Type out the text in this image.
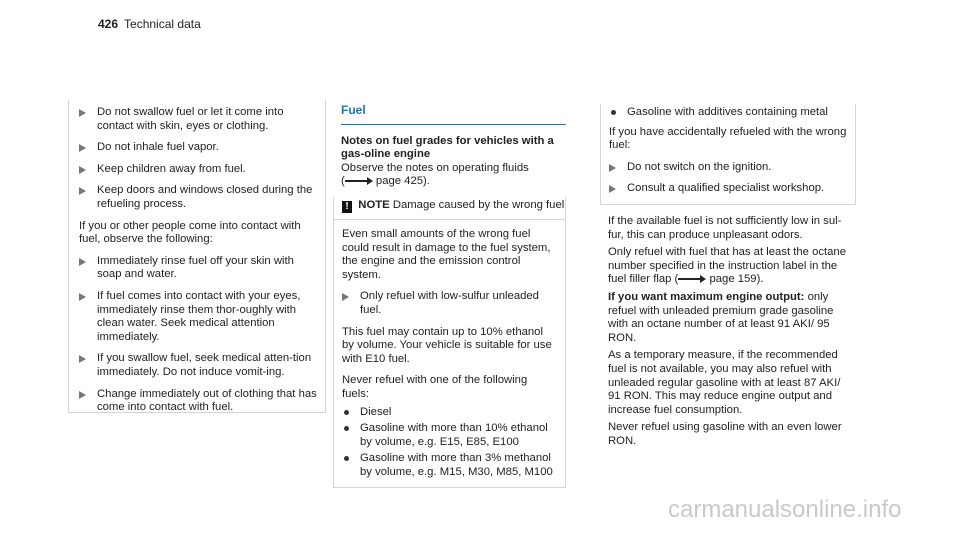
426 Technical data

Do not swallow fuel or let it come into contact with skin, eyes or clothing.

Do not inhale fuel vapor.

Keep children away from fuel.

Keep doors and windows closed during the refueling process.

If you or other people come into contact with fuel, observe the following:

Immediately rinse fuel off your skin with soap and water.

If fuel comes into contact with your eyes, immediately rinse them thor-oughly with clean water. Seek medical attention immediately.

If you swallow fuel, seek medical atten-tion immediately. Do not induce vomit-ing.

Change immediately out of clothing that has come into contact with fuel.

Fuel

Notes on fuel grades for vehicles with a gas-oline engine

Observe the notes on operating fluids

(	page 425).

! NOTE Damage caused by the wrong fuel

Even small amounts of the wrong fuel could result in damage to the fuel system, the engine and the emission control system.

Only refuel with low-sulfur unleaded fuel.

This fuel may contain up to 10% ethanol by volume. Your vehicle is suitable for use with E10 fuel.

Never refuel with one of the following fuels:

Diesel

Gasoline with more than 10% ethanol by volume, e.g. E15, E85, E100

Gasoline with more than 3% methanol by volume, e.g. M15, M30, M85, M100

Gasoline with additives containing metal

If you have accidentally refueled with the wrong fuel:

Do not switch on the ignition.

Consult a qualified specialist workshop.

If the available fuel is not sufficiently low in sul-fur, this can produce unpleasant odors.

Only refuel with fuel that has at least the octane number specified in the instruction label in the fuel filler flap (	page 159).

If you want maximum engine output: only refuel with unleaded premium grade gasoline with an octane number of at least 91 AKI/ 95 RON.

As a temporary measure, if the recommended fuel is not available, you may also refuel with unleaded regular gasoline with at least 87 AKI/ 91 RON. This may reduce engine output and increase fuel consumption.

Never refuel using gasoline with an even lower RON.

carmanualsonline.info
